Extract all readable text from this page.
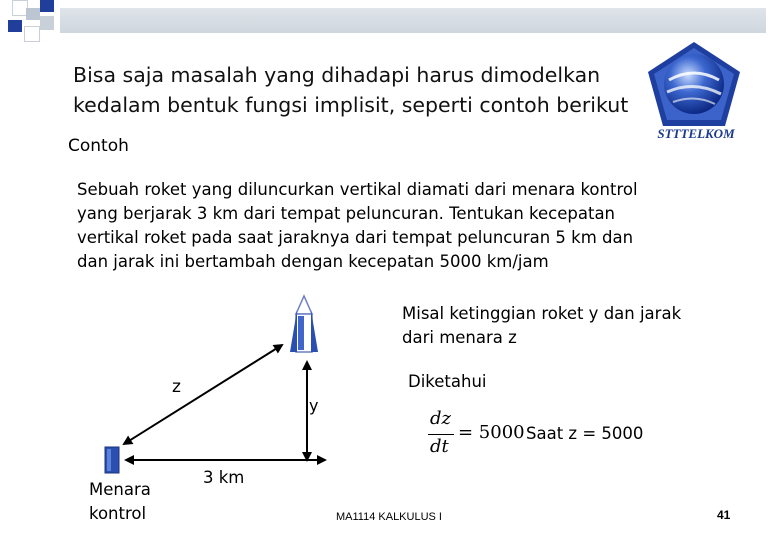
STTTELKOM
Bisa saja masalah yang dihadapi harus dimodelkan
kedalam bentuk fungsi implisit, seperti contoh berikut
Contoh
Sebuah roket yang diluncurkan vertikal diamati dari menara kontrol
yang berjarak 3 km dari tempat peluncuran. Tentukan kecepatan
vertikal roket pada saat jaraknya dari tempat peluncuran 5 km dan
dan jarak ini bertambah dengan kecepatan 5000 km/jam
z
y
3 km
Menara
kontrol
Misal ketinggian roket y dan jarak
dari menara z
Diketahui
dz
dt
= 5000 Saat z = 5000
MA1114 KALKULUS I	41
